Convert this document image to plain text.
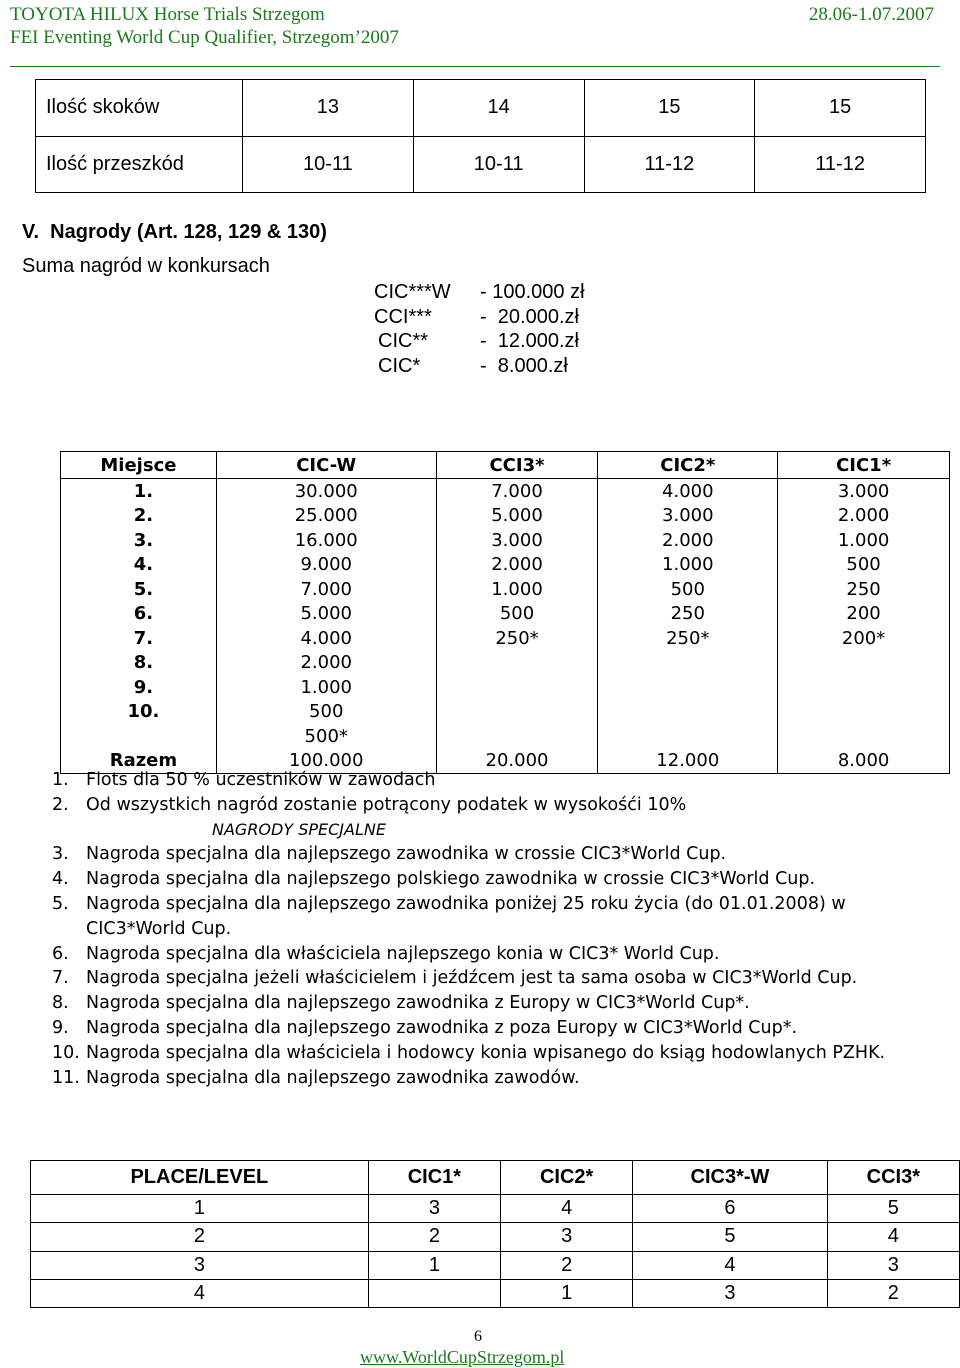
TOYOTA HILUX Horse Trials Strzegom
FEI Eventing World Cup Qualifier, Strzegom’2007
28.06-1.07.2007
Ilość skoków	13	14	15	15
Ilość przeszkód	10-11	10-11	11-12	11-12
V.  Nagrody (Art. 128, 129 & 130)
Suma nagród w konkursach
CIC***W - 100.000 zł
CCI*** -  20.000.zł
CIC**	-  12.000.zł
CIC*	-  8.000.zł
Miejsce	CIC-W	CCI3*	CIC2*	CIC1*
1.	30.000	7.000	4.000	3.000
2.	25.000	5.000	3.000	2.000
3.	16.000	3.000	2.000	1.000
4.	9.000	2.000	1.000	500
5.	7.000	1.000	500	250
6.	5.000	500	250	200
7.	4.000	250*	250*	200*
8.	2.000			
9.	1.000			
10.	500			
	500*			
Razem	100.000	20.000	12.000	8.000
1. Flots dla 50 % uczestników w zawodach
2. Od wszystkich nagród zostanie potrącony podatek w wysokośći 10%
NAGRODY SPECJALNE
3. Nagroda specjalna dla najlepszego zawodnika w crossie CIC3*World Cup.
4. Nagroda specjalna dla najlepszego polskiego zawodnika w crossie CIC3*World Cup.
5. Nagroda specjalna dla najlepszego zawodnika poniżej 25 roku życia (do 01.01.2008) w CIC3*World Cup.
6. Nagroda specjalna dla właściciela najlepszego konia w CIC3* World Cup.
7. Nagroda specjalna jeżeli właścicielem i jeźdźcem jest ta sama osoba w CIC3*World Cup.
8. Nagroda specjalna dla najlepszego zawodnika z Europy w CIC3*World Cup*.
9. Nagroda specjalna dla najlepszego zawodnika z poza Europy w CIC3*World Cup*.
10. Nagroda specjalna dla właściciela i hodowcy konia wpisanego do ksiąg hodowlanych PZHK.
11. Nagroda specjalna dla najlepszego zawodnika zawodów.
PLACE/LEVEL	CIC1*	CIC2*	CIC3*-W	CCI3*
1	3	4	6	5
2	2	3	5	4
3	1	2	4	3
4		1	3	2
6
www.WorldCupStrzegom.pl
